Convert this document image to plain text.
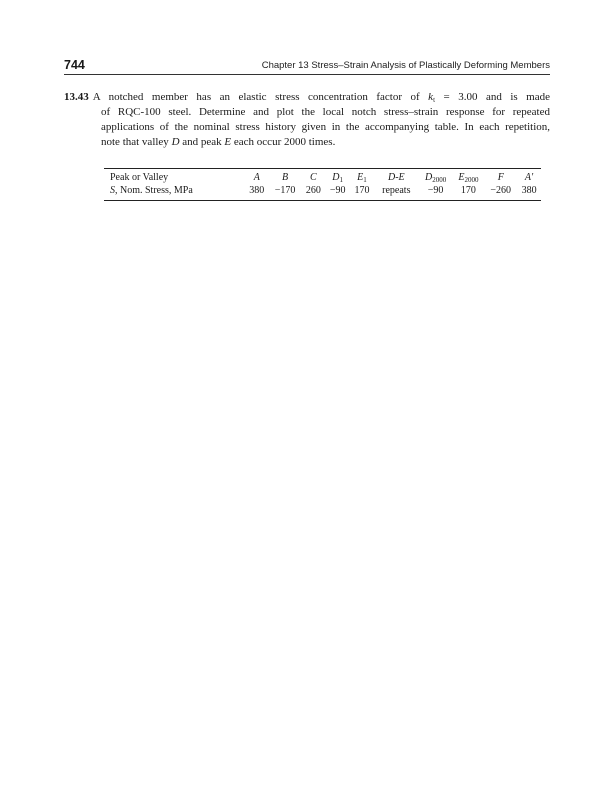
744	Chapter 13 Stress–Strain Analysis of Plastically Deforming Members
13.43 A notched member has an elastic stress concentration factor of $k_t = 3.00$ and is made
of RQC-100 steel. Determine and plot the local notch stress–strain response for repeated
applications of the nominal stress history given in the accompanying table. In each repetition,
note that valley D and peak E each occur 2000 times.
Peak or Valley	A	B	C	$D_1$	$E_1$	D-E	$D_{2000}$	$E_{2000}$	F	A′
S, Nom. Stress, MPa	380	−170	260	−90	170	repeats	−90	170	−260	380
